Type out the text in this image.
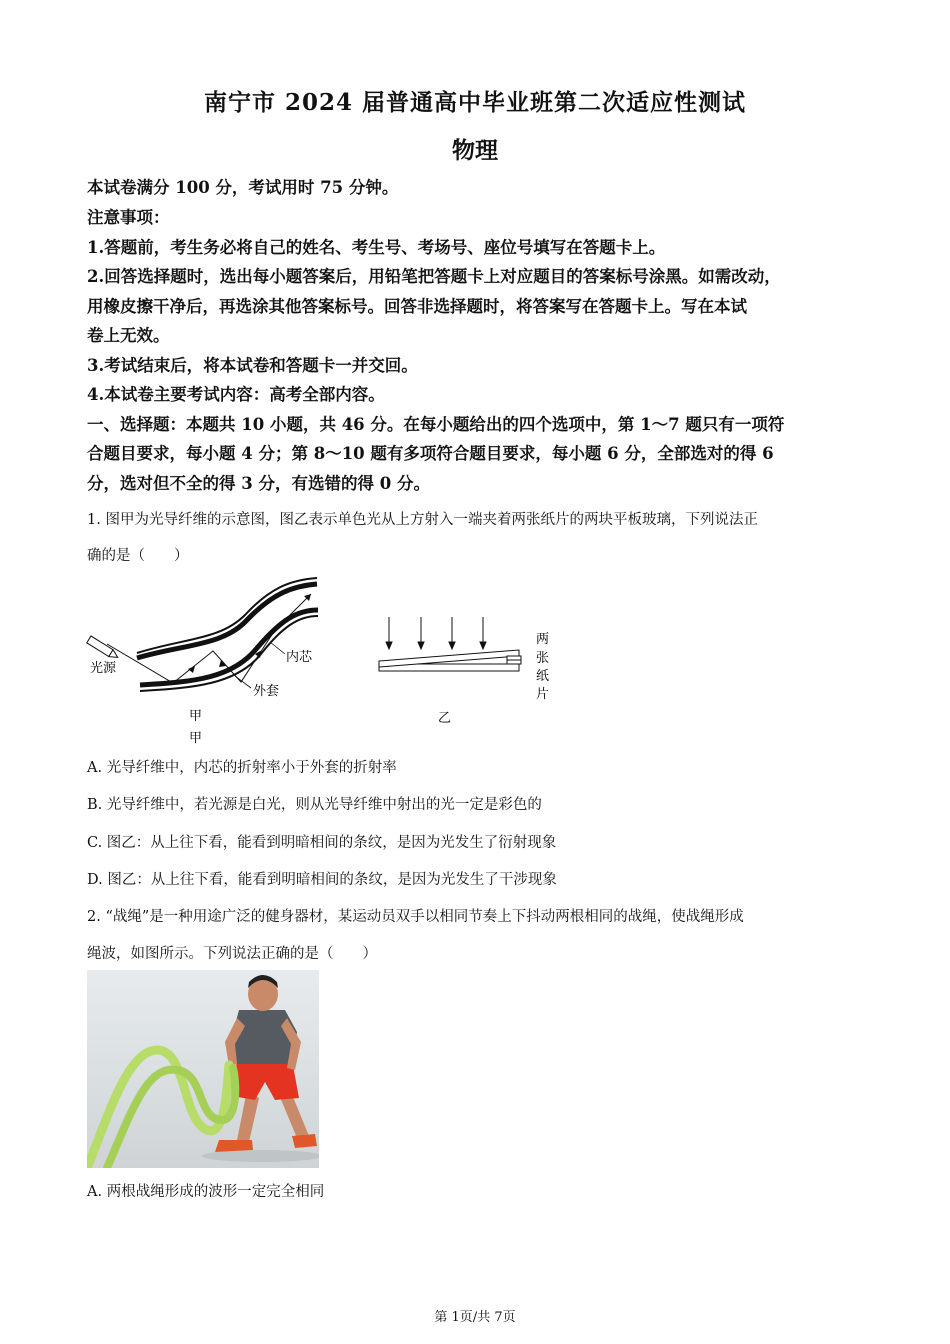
南宁市 2024 届普通高中毕业班第二次适应性测试
物理
本试卷满分 100 分，考试用时 75 分钟。
注意事项：
1.答题前，考生务必将自己的姓名、考生号、考场号、座位号填写在答题卡上。
2.回答选择题时，选出每小题答案后，用铅笔把答题卡上对应题目的答案标号涂黑。如需改动，
用橡皮擦干净后，再选涂其他答案标号。回答非选择题时，将答案写在答题卡上。写在本试
卷上无效。
3.考试结束后，将本试卷和答题卡一并交回。
4.本试卷主要考试内容：高考全部内容。
一、选择题：本题共 10 小题，共 46 分。在每小题给出的四个选项中，第 1～7 题只有一项符
合题目要求，每小题 4 分；第 8～10 题有多项符合题目要求，每小题 6 分，全部选对的得 6
分，选对但不全的得 3 分，有选错的得 0 分。
1. 图甲为光导纤维的示意图，图乙表示单色光从上方射入一端夹着两张纸片的两块平板玻璃，下列说法正
确的是（　　）
光源
内芯
外套
甲
甲
两
张
纸
片
乙
A. 光导纤维中，内芯的折射率小于外套的折射率
B. 光导纤维中，若光源是白光，则从光导纤维中射出的光一定是彩色的
C. 图乙：从上往下看，能看到明暗相间的条纹，是因为光发生了衍射现象
D. 图乙：从上往下看，能看到明暗相间的条纹，是因为光发生了干涉现象
2. “战绳”是一种用途广泛的健身器材，某运动员双手以相同节奏上下抖动两根相同的战绳，使战绳形成
绳波，如图所示。下列说法正确的是（　　）
A. 两根战绳形成的波形一定完全相同
第 1页/共 7页
